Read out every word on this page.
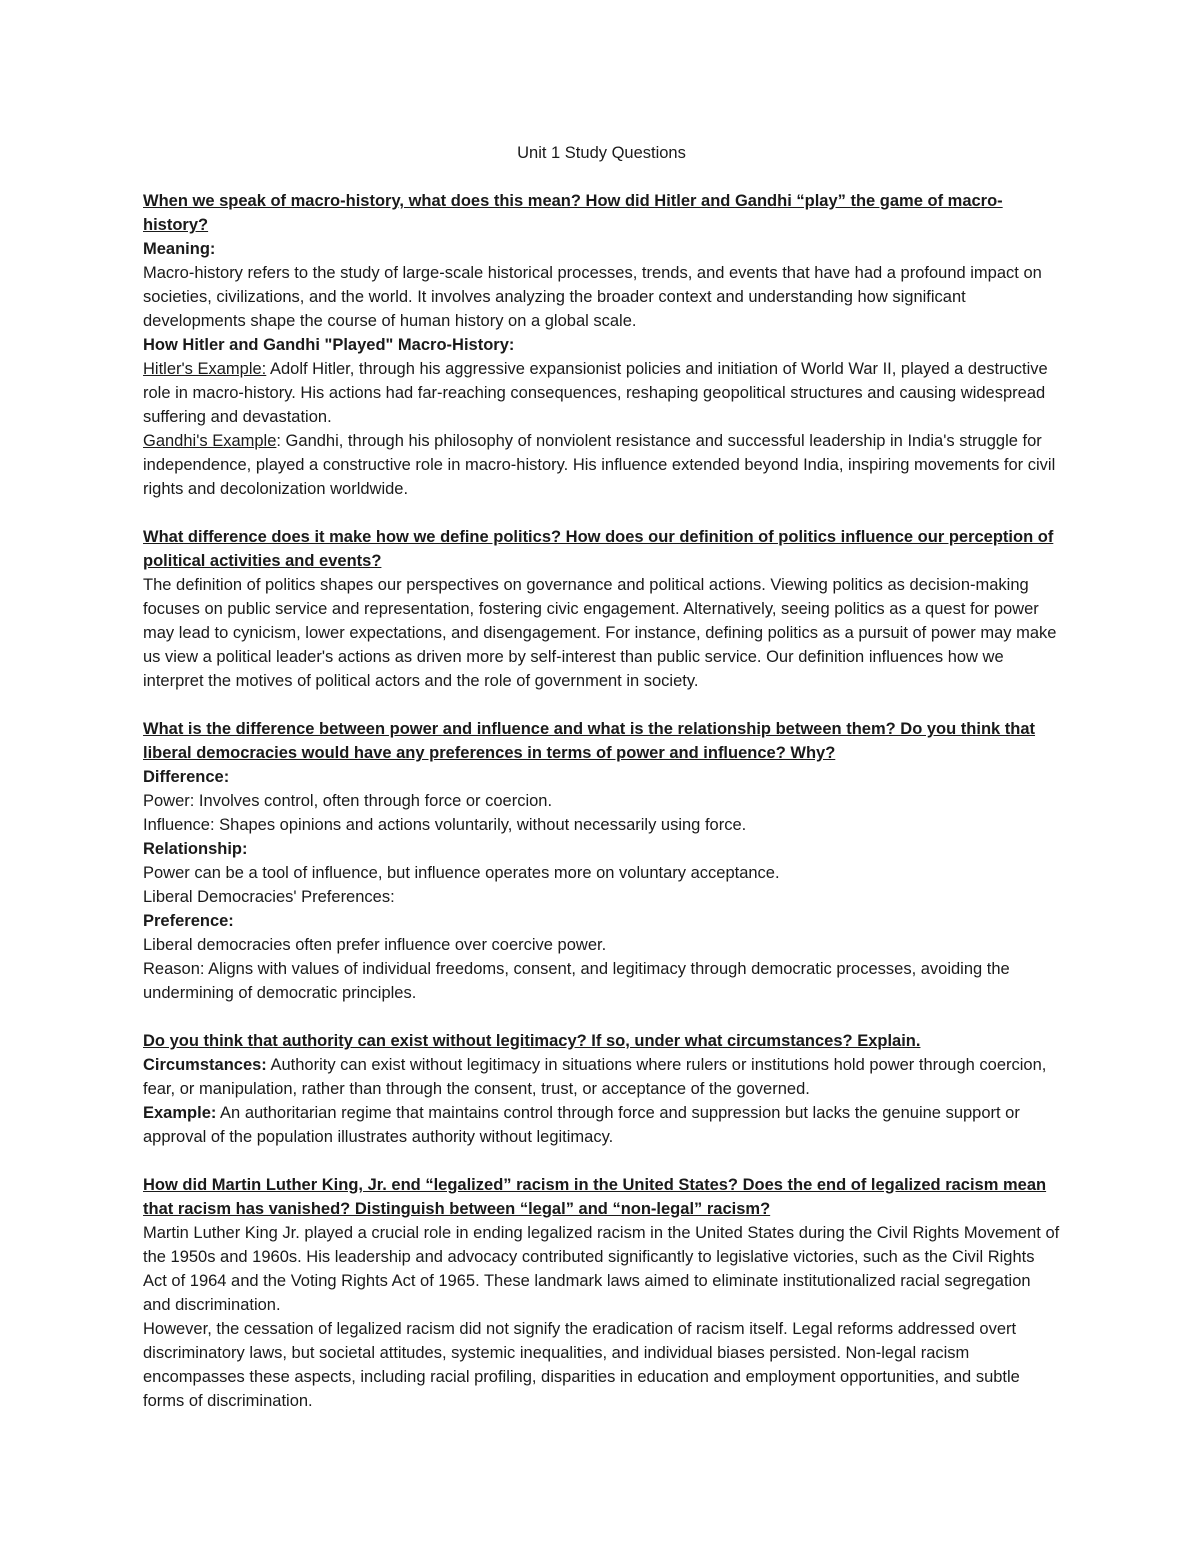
Unit 1 Study Questions

When we speak of macro-history, what does this mean? How did Hitler and Gandhi “play” the game of macro-history?

Meaning:

Macro-history refers to the study of large-scale historical processes, trends, and events that have had a profound impact on societies, civilizations, and the world. It involves analyzing the broader context and understanding how significant developments shape the course of human history on a global scale.

How Hitler and Gandhi "Played" Macro-History:

Hitler's Example: Adolf Hitler, through his aggressive expansionist policies and initiation of World War II, played a destructive role in macro-history. His actions had far-reaching consequences, reshaping geopolitical structures and causing widespread suffering and devastation.

Gandhi's Example: Gandhi, through his philosophy of nonviolent resistance and successful leadership in India's struggle for independence, played a constructive role in macro-history. His influence extended beyond India, inspiring movements for civil rights and decolonization worldwide.

What difference does it make how we define politics? How does our definition of politics influence our perception of political activities and events?

The definition of politics shapes our perspectives on governance and political actions. Viewing politics as decision-making focuses on public service and representation, fostering civic engagement. Alternatively, seeing politics as a quest for power may lead to cynicism, lower expectations, and disengagement. For instance, defining politics as a pursuit of power may make us view a political leader's actions as driven more by self-interest than public service. Our definition influences how we interpret the motives of political actors and the role of government in society.

What is the difference between power and influence and what is the relationship between them? Do you think that liberal democracies would have any preferences in terms of power and influence? Why?

Difference:

Power: Involves control, often through force or coercion.

Influence: Shapes opinions and actions voluntarily, without necessarily using force.

Relationship:

Power can be a tool of influence, but influence operates more on voluntary acceptance.

Liberal Democracies' Preferences:

Preference:

Liberal democracies often prefer influence over coercive power.

Reason: Aligns with values of individual freedoms, consent, and legitimacy through democratic processes, avoiding the undermining of democratic principles.

Do you think that authority can exist without legitimacy? If so, under what circumstances? Explain.

Circumstances: Authority can exist without legitimacy in situations where rulers or institutions hold power through coercion, fear, or manipulation, rather than through the consent, trust, or acceptance of the governed.

Example: An authoritarian regime that maintains control through force and suppression but lacks the genuine support or approval of the population illustrates authority without legitimacy.

How did Martin Luther King, Jr. end “legalized” racism in the United States? Does the end of legalized racism mean that racism has vanished? Distinguish between “legal” and “non-legal” racism?

Martin Luther King Jr. played a crucial role in ending legalized racism in the United States during the Civil Rights Movement of the 1950s and 1960s. His leadership and advocacy contributed significantly to legislative victories, such as the Civil Rights Act of 1964 and the Voting Rights Act of 1965. These landmark laws aimed to eliminate institutionalized racial segregation and discrimination.

However, the cessation of legalized racism did not signify the eradication of racism itself. Legal reforms addressed overt discriminatory laws, but societal attitudes, systemic inequalities, and individual biases persisted. Non-legal racism encompasses these aspects, including racial profiling, disparities in education and employment opportunities, and subtle forms of discrimination.
